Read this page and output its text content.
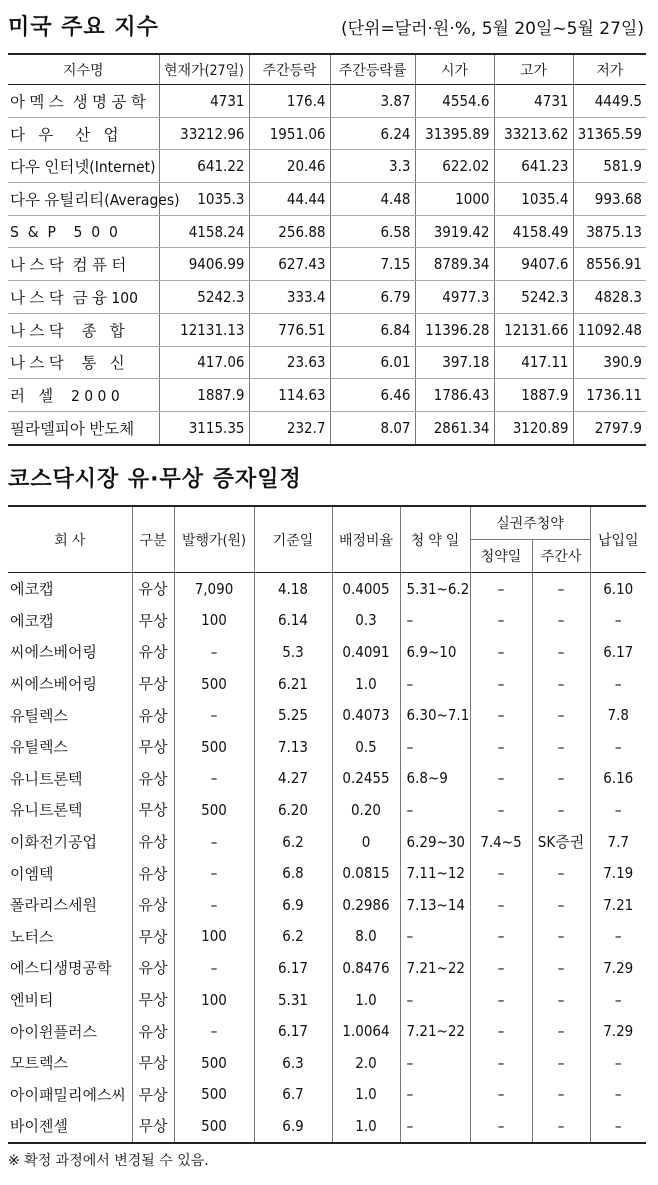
미국 주요 지수	(단위=달러·원·%, 5월 20일~5월 27일)
지수명	현재가(27일)	주간등락	주간등락률	시가	고가	저가
아 멕 스  생 명 공 학	4731	176.4	3.87	4554.6	4731	4449.5
다   우     산   업	33212.96	1951.06	6.24	31395.89	33213.62	31365.59
다우 인터넷(Internet)	641.22	20.46	3.3	622.02	641.23	581.9
다우 유틸리티(Averages)	1035.3	44.44	4.48	1000	1035.4	993.68
S  &  P    5  0  0	4158.24	256.88	6.58	3919.42	4158.49	3875.13
나 스 닥  컴 퓨 터	9406.99	627.43	7.15	8789.34	9407.6	8556.91
나 스 닥  금 융 100	5242.3	333.4	6.79	4977.3	5242.3	4828.3
나 스 닥    종   합	12131.13	776.51	6.84	11396.28	12131.66	11092.48
나 스 닥    통   신	417.06	23.63	6.01	397.18	417.11	390.9
러   셀    2 0 0 0	1887.9	114.63	6.46	1786.43	1887.9	1736.11
필라델피아 반도체	3115.35	232.7	8.07	2861.34	3120.89	2797.9
코스닥시장 유·무상 증자일정
회 사	구분	발행가(원)	기준일	배정비율	청 약 일	실권주청약		납입일
						청약일	주간사	
에코캡	유상	7,090	4.18	0.4005	5.31~6.2	–	–	6.10
에코캡	무상	100	6.14	0.3	–	–	–	–
씨에스베어링	유상	–	5.3	0.4091	6.9~10	–	–	6.17
씨에스베어링	무상	500	6.21	1.0	–	–	–	–
유틸렉스	유상	–	5.25	0.4073	6.30~7.1	–	–	7.8
유틸렉스	무상	500	7.13	0.5	–	–	–	–
유니트론텍	유상	–	4.27	0.2455	6.8~9	–	–	6.16
유니트론텍	무상	500	6.20	0.20	–	–	–	–
이화전기공업	유상	–	6.2	0	6.29~30	7.4~5	SK증권	7.7
이엠텍	유상	–	6.8	0.0815	7.11~12	–	–	7.19
폴라리스세원	유상	–	6.9	0.2986	7.13~14	–	–	7.21
노터스	무상	100	6.2	8.0	–	–	–	–
에스디생명공학	유상	–	6.17	0.8476	7.21~22	–	–	7.29
엔비티	무상	100	5.31	1.0	–	–	–	–
아이윈플러스	유상	–	6.17	1.0064	7.21~22	–	–	7.29
모트렉스	무상	500	6.3	2.0	–	–	–	–
아이패밀리에스씨	무상	500	6.7	1.0	–	–	–	–
바이젠셀	무상	500	6.9	1.0	–	–	–	–
※ 확정 과정에서 변경될 수 있음.
